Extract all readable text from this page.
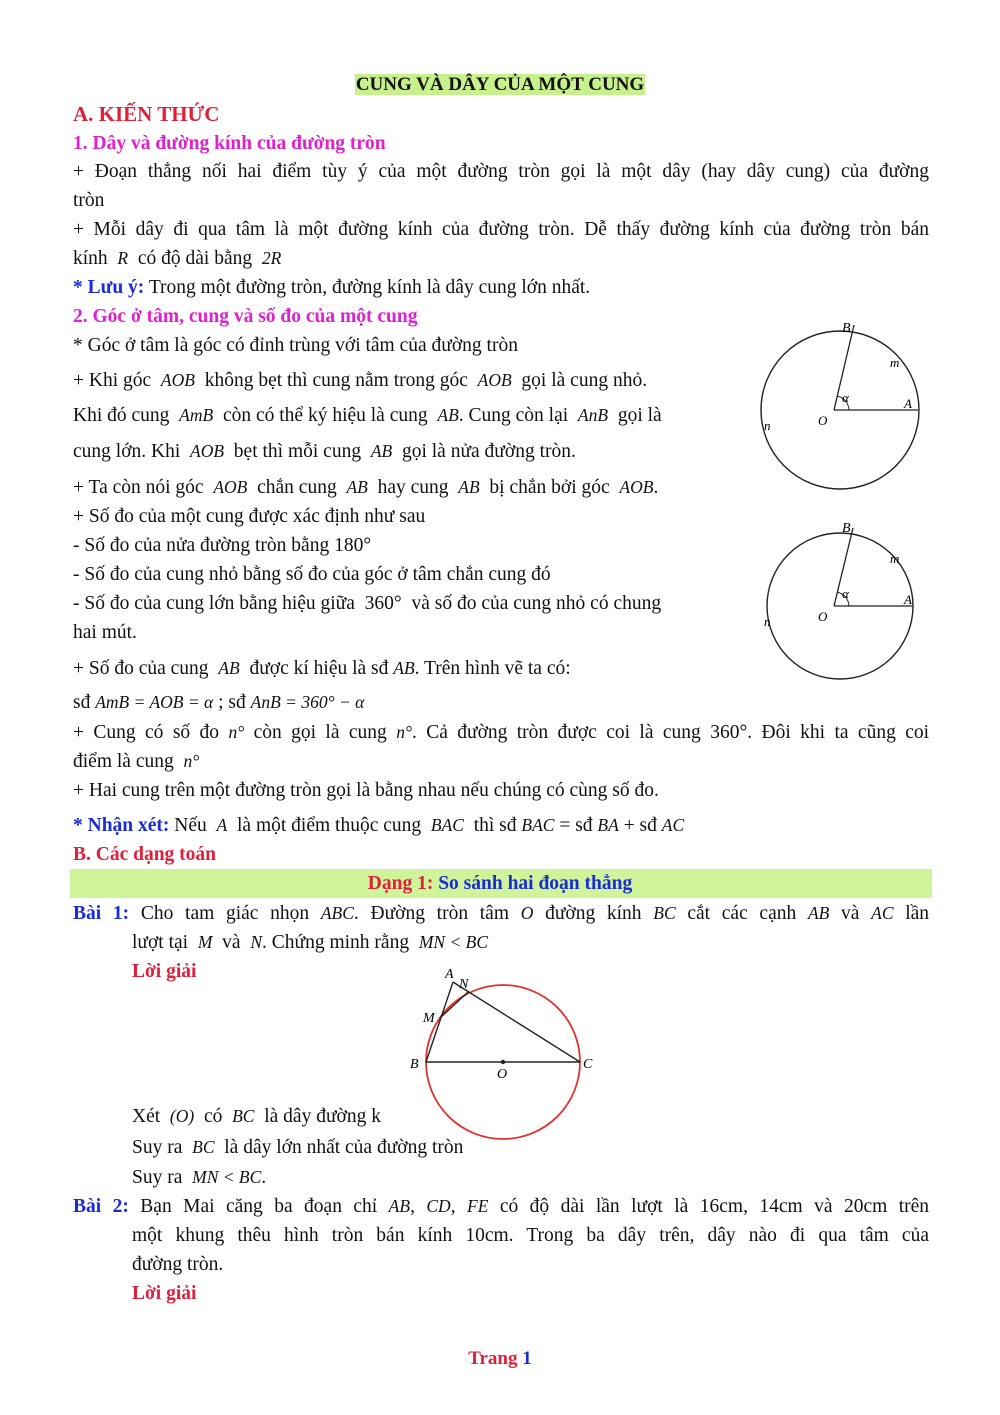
CUNG VÀ DÂY CỦA MỘT CUNG
A. KIẾN THỨC
1. Dây và đường kính của đường tròn
+ Đoạn thẳng nối hai điểm tùy ý của một đường tròn gọi là một dây (hay dây cung) của đường
tròn
+ Mỗi dây đi qua tâm là một đường kính của đường tròn. Dễ thấy đường kính của đường tròn bán
kính R có độ dài bằng 2R
* Lưu ý: Trong một đường tròn, đường kính là dây cung lớn nhất.
2. Góc ở tâm, cung và số đo của một cung
* Góc ở tâm là góc có đỉnh trùng với tâm của đường tròn
+ Khi góc AOB không bẹt thì cung nằm trong góc AOB gọi là cung nhỏ.
Khi đó cung AmB còn có thể ký hiệu là cung AB. Cung còn lại AnB gọi là
cung lớn. Khi AOB bẹt thì mỗi cung AB gọi là nửa đường tròn.
+ Ta còn nói góc AOB chắn cung AB hay cung AB bị chắn bởi góc AOB.
+ Số đo của một cung được xác định như sau
- Số đo của nửa đường tròn bằng 180°
- Số đo của cung nhỏ bằng số đo của góc ở tâm chắn cung đó
- Số đo của cung lớn bằng hiệu giữa 360° và số đo của cung nhỏ có chung
hai mút.
+ Số đo của cung AB được kí hiệu là sđ AB. Trên hình vẽ ta có:
sđ AmB = AOB = α ; sđ AnB = 360° − α
+ Cung có số đo n° còn gọi là cung n°. Cả đường tròn được coi là cung 360°. Đôi khi ta cũng coi
điểm là cung n°
+ Hai cung trên một đường tròn gọi là bằng nhau nếu chúng có cùng số đo.
* Nhận xét: Nếu A là một điểm thuộc cung BAC thì sđ BAC = sđ BA + sđ AC
B. Các dạng toán
Dạng 1: So sánh hai đoạn thẳng
Bài 1: Cho tam giác nhọn ABC. Đường tròn tâm O đường kính BC cắt các cạnh AB và AC lần
lượt tại M và N. Chứng minh rằng MN < BC
Lời giải
Xét (O) có BC là dây đường k
Suy ra BC là dây lớn nhất của đường tròn
Suy ra MN < BC.
Bài 2: Bạn Mai căng ba đoạn chỉ AB, CD, FE có độ dài lần lượt là 16cm, 14cm và 20cm trên
một khung thêu hình tròn bán kính 10cm. Trong ba dây trên, dây nào đi qua tâm của
đường tròn.
Lời giải
Trang 1
B
m
α
O
A
n
B
m
α
O
A
n
A
N
M
B
O
C
